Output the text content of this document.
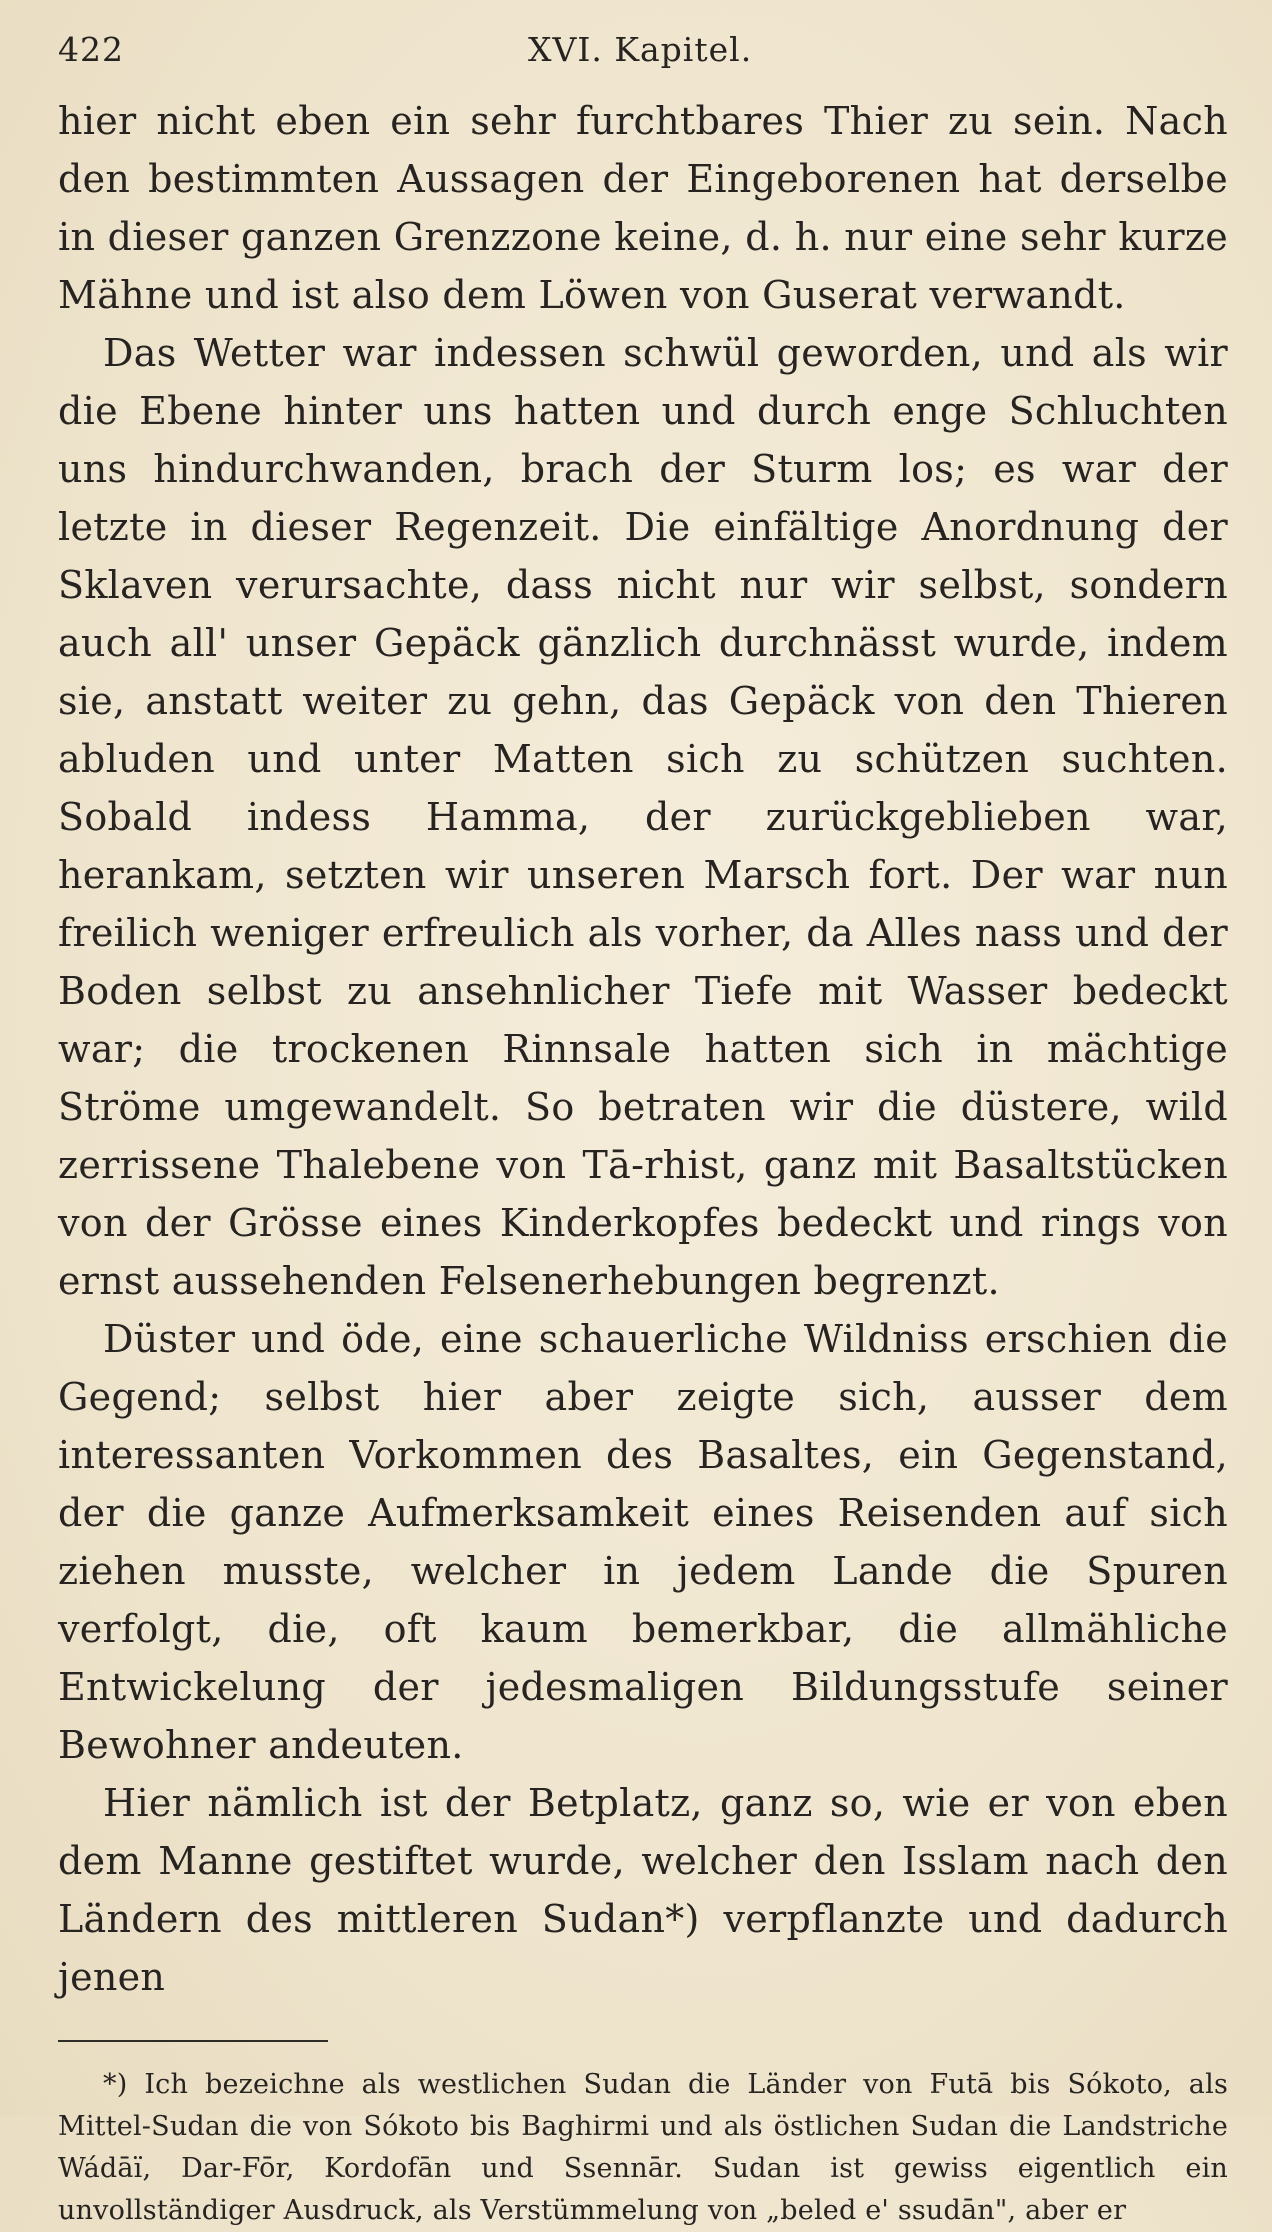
422	XVI. Kapitel.

hier nicht eben ein sehr furchtbares Thier zu sein. Nach den bestimmten Aussagen der Eingeborenen hat derselbe in dieser ganzen Grenzzone keine, d. h. nur eine sehr kurze Mähne und ist also dem Löwen von Guserat verwandt.

Das Wetter war indessen schwül geworden, und als wir die Ebene hinter uns hatten und durch enge Schluchten uns hindurchwanden, brach der Sturm los; es war der letzte in dieser Regenzeit. Die einfältige Anordnung der Sklaven verursachte, dass nicht nur wir selbst, sondern auch all' unser Gepäck gänzlich durchnässt wurde, indem sie, anstatt weiter zu gehn, das Gepäck von den Thieren abluden und unter Matten sich zu schützen suchten. Sobald indess Hamma, der zurückgeblieben war, herankam, setzten wir unseren Marsch fort. Der war nun freilich weniger erfreulich als vorher, da Alles nass und der Boden selbst zu ansehnlicher Tiefe mit Wasser bedeckt war; die trockenen Rinnsale hatten sich in mächtige Ströme umgewandelt. So betraten wir die düstere, wild zerrissene Thalebene von Tā-rhist, ganz mit Basaltstücken von der Grösse eines Kinderkopfes bedeckt und rings von ernst aussehenden Felsenerhebungen begrenzt.

Düster und öde, eine schauerliche Wildniss erschien die Gegend; selbst hier aber zeigte sich, ausser dem interessanten Vorkommen des Basaltes, ein Gegenstand, der die ganze Aufmerksamkeit eines Reisenden auf sich ziehen musste, welcher in jedem Lande die Spuren verfolgt, die, oft kaum bemerkbar, die allmähliche Entwickelung der jedesmaligen Bildungsstufe seiner Bewohner andeuten.

Hier nämlich ist der Betplatz, ganz so, wie er von eben dem Manne gestiftet wurde, welcher den Isslam nach den Ländern des mittleren Sudan*) verpflanzte und dadurch jenen

*) Ich bezeichne als westlichen Sudan die Länder von Futā bis Sókoto, als Mittel-Sudan die von Sókoto bis Baghirmi und als östlichen Sudan die Landstriche Wádāï, Dar-Fōr, Kordofān und Ssennār. Sudan ist gewiss eigentlich ein unvollständiger Ausdruck, als Verstümmelung von „beled e' ssudān", aber er
